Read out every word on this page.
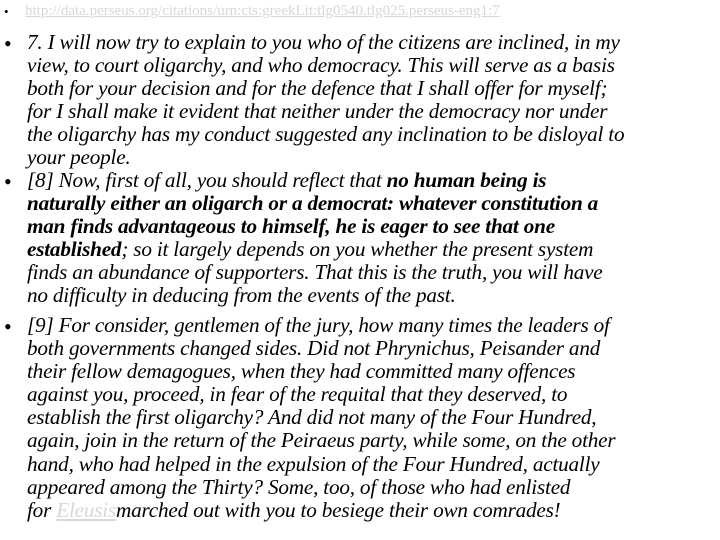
• http://data.perseus.org/citations/urn:cts:greekLit:tlg0540.tlg025.perseus-eng1:7
• 7. I will now try to explain to you who of the citizens are inclined, in my
view, to court oligarchy, and who democracy. This will serve as a basis
both for your decision and for the defence that I shall offer for myself;
for I shall make it evident that neither under the democracy nor under
the oligarchy has my conduct suggested any inclination to be disloyal to
your people.
• [8] Now, first of all, you should reflect that no human being is
naturally either an oligarch or a democrat: whatever constitution a
man finds advantageous to himself, he is eager to see that one
established; so it largely depends on you whether the present system
finds an abundance of supporters. That this is the truth, you will have
no difficulty in deducing from the events of the past.
• [9] For consider, gentlemen of the jury, how many times the leaders of
both governments changed sides. Did not Phrynichus, Peisander and
their fellow demagogues, when they had committed many offences
against you, proceed, in fear of the requital that they deserved, to
establish the first oligarchy? And did not many of the Four Hundred,
again, join in the return of the Peiraeus party, while some, on the other
hand, who had helped in the expulsion of the Four Hundred, actually
appeared among the Thirty? Some, too, of those who had enlisted
for Eleusismarched out with you to besiege their own comrades!
